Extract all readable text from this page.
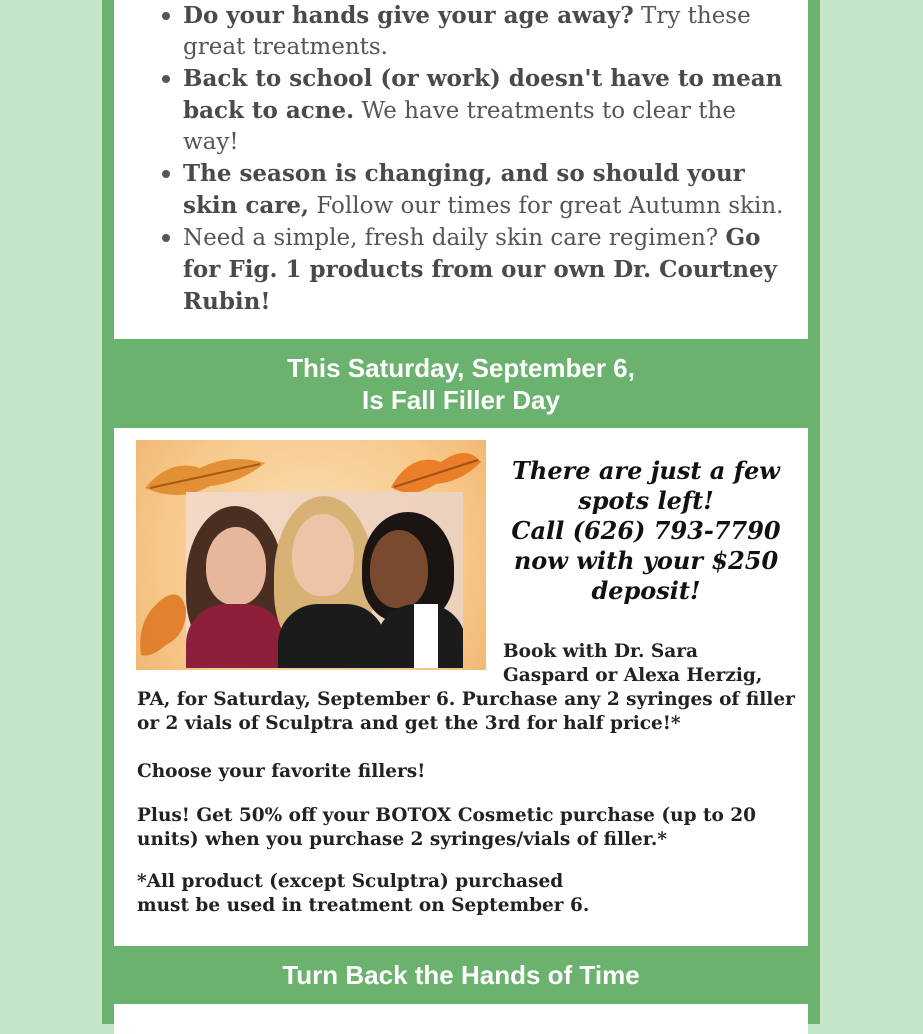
Do your hands give your age away? Try these great treatments.
Back to school (or work) doesn't have to mean back to acne. We have treatments to clear the way!
The season is changing, and so should your skin care, Follow our times for great Autumn skin.
Need a simple, fresh daily skin care regimen? Go for Fig. 1 products from our own Dr. Courtney Rubin!
This Saturday, September 6,
Is Fall Filler Day
There are just a few
spots left!
Call (626) 793-7790
now with your $250
deposit!
Book with Dr. Sara
Gaspard or Alexa Herzig,
PA, for Saturday, September 6. Purchase any 2 syringes of filler or 2 vials of Sculptra and get the 3rd for half price!*
Choose your favorite fillers!
Plus! Get 50% off your BOTOX Cosmetic purchase (up to 20 units) when you purchase 2 syringes/vials of filler.*
*All product (except Sculptra) purchased must be used in treatment on September 6.
Turn Back the Hands of Time
